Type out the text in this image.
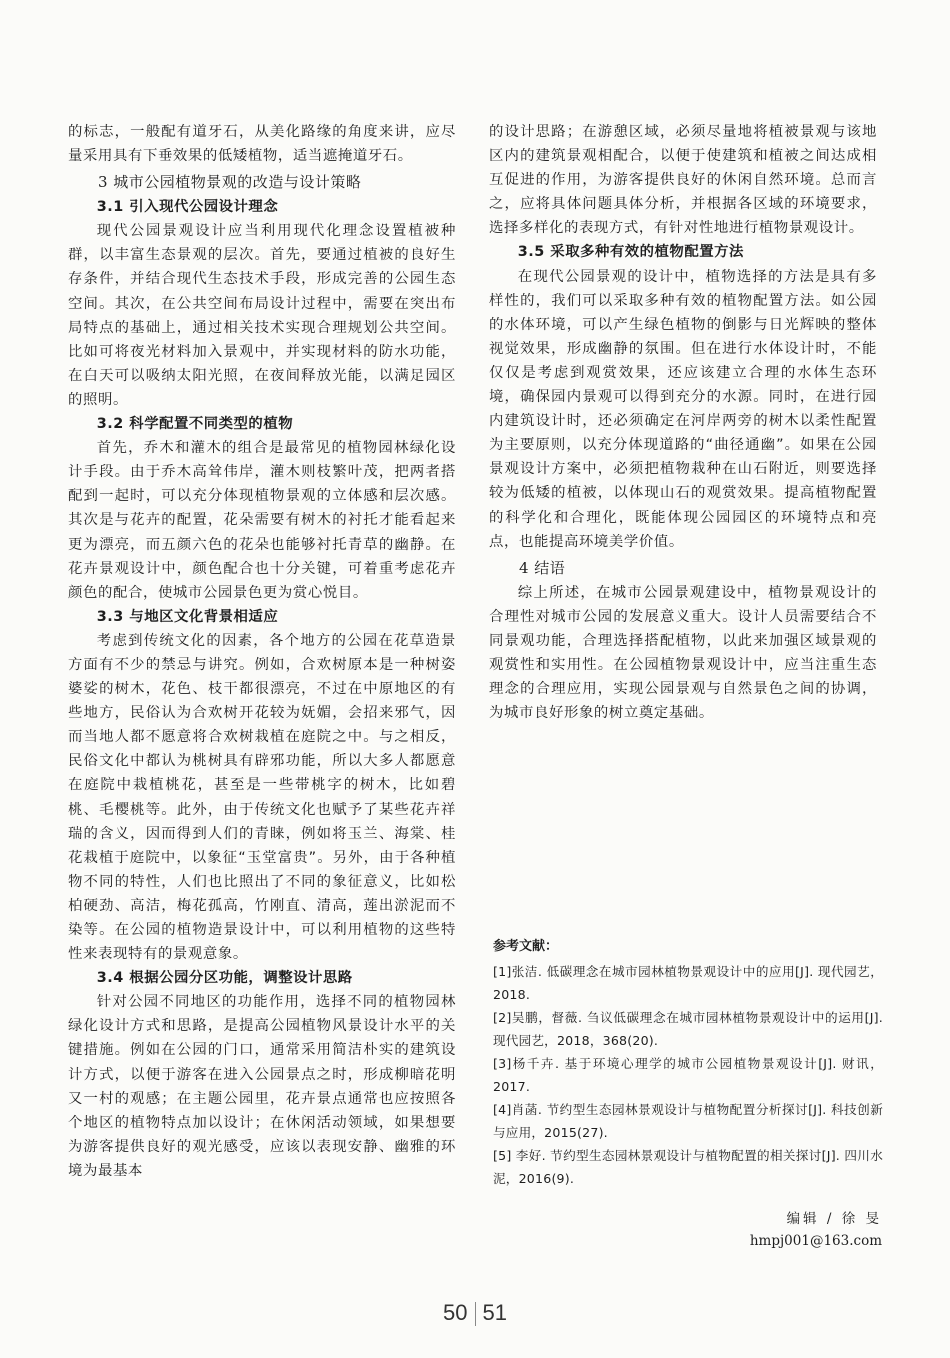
的标志，一般配有道牙石，从美化路缘的角度来讲，应尽量采用具有下垂效果的低矮植物，适当遮掩道牙石。

3 城市公园植物景观的改造与设计策略
3.1 引入现代公园设计理念

现代公园景观设计应当利用现代化理念设置植被种群，以丰富生态景观的层次。首先，要通过植被的良好生存条件，并结合现代生态技术手段，形成完善的公园生态空间。其次，在公共空间布局设计过程中，需要在突出布局特点的基础上，通过相关技术实现合理规划公共空间。比如可将夜光材料加入景观中，并实现材料的防水功能，在白天可以吸纳太阳光照，在夜间释放光能，以满足园区的照明。

3.2 科学配置不同类型的植物

首先，乔木和灌木的组合是最常见的植物园林绿化设计手段。由于乔木高耸伟岸，灌木则枝繁叶茂，把两者搭配到一起时，可以充分体现植物景观的立体感和层次感。其次是与花卉的配置，花朵需要有树木的衬托才能看起来更为漂亮，而五颜六色的花朵也能够衬托青草的幽静。在花卉景观设计中，颜色配合也十分关键，可着重考虑花卉颜色的配合，使城市公园景色更为赏心悦目。

3.3 与地区文化背景相适应

考虑到传统文化的因素，各个地方的公园在花草造景方面有不少的禁忌与讲究。例如，合欢树原本是一种树姿婆娑的树木，花色、枝干都很漂亮，不过在中原地区的有些地方，民俗认为合欢树开花较为妩媚，会招来邪气，因而当地人都不愿意将合欢树栽植在庭院之中。与之相反，民俗文化中都认为桃树具有辟邪功能，所以大多人都愿意在庭院中栽植桃花，甚至是一些带桃字的树木，比如碧桃、毛樱桃等。此外，由于传统文化也赋予了某些花卉祥瑞的含义，因而得到人们的青睐，例如将玉兰、海棠、桂花栽植于庭院中，以象征“玉堂富贵”。另外，由于各种植物不同的特性，人们也比照出了不同的象征意义，比如松柏硬劲、高洁，梅花孤高，竹刚直、清高，莲出淤泥而不染等。在公园的植物造景设计中，可以利用植物的这些特性来表现特有的景观意象。

3.4 根据公园分区功能，调整设计思路

针对公园不同地区的功能作用，选择不同的植物园林绿化设计方式和思路，是提高公园植物风景设计水平的关键措施。例如在公园的门口，通常采用简洁朴实的建筑设计方式，以便于游客在进入公园景点之时，形成柳暗花明又一村的观感；在主题公园里，花卉景点通常也应按照各个地区的植物特点加以设计；在休闲活动领域，如果想要为游客提供良好的观光感受，应该以表现安静、幽雅的环境为最基本

的设计思路；在游憩区域，必须尽量地将植被景观与该地区内的建筑景观相配合，以便于使建筑和植被之间达成相互促进的作用，为游客提供良好的休闲自然环境。总而言之，应将具体问题具体分析，并根据各区域的环境要求，选择多样化的表现方式，有针对性地进行植物景观设计。

3.5 采取多种有效的植物配置方法

在现代公园景观的设计中，植物选择的方法是具有多样性的，我们可以采取多种有效的植物配置方法。如公园的水体环境，可以产生绿色植物的倒影与日光辉映的整体视觉效果，形成幽静的氛围。但在进行水体设计时，不能仅仅是考虑到观赏效果，还应该建立合理的水体生态环境，确保园内景观可以得到充分的水源。同时，在进行园内建筑设计时，还必须确定在河岸两旁的树木以柔性配置为主要原则，以充分体现道路的“曲径通幽”。如果在公园景观设计方案中，必须把植物栽种在山石附近，则要选择较为低矮的植被，以体现山石的观赏效果。提高植物配置的科学化和合理化，既能体现公园园区的环境特点和亮点，也能提高环境美学价值。

4 结语

综上所述，在城市公园景观建设中，植物景观设计的合理性对城市公园的发展意义重大。设计人员需要结合不同景观功能，合理选择搭配植物，以此来加强区域景观的观赏性和实用性。在公园植物景观设计中，应当注重生态理念的合理应用，实现公园景观与自然景色之间的协调，为城市良好形象的树立奠定基础。

参考文献：

[1]张洁. 低碳理念在城市园林植物景观设计中的应用[J]. 现代园艺，2018.

[2]吴鹏，督薇. 刍议低碳理念在城市园林植物景观设计中的运用[J]. 现代园艺，2018，368(20).

[3]杨千卉. 基于环境心理学的城市公园植物景观设计[J]. 财讯，2017.

[4]肖菡. 节约型生态园林景观设计与植物配置分析探讨[J]. 科技创新与应用，2015(27).

[5] 李好. 节约型生态园林景观设计与植物配置的相关探讨[J]. 四川水泥，2016(9).

编辑 / 徐 旻
hmpj001@163.com
50 51
